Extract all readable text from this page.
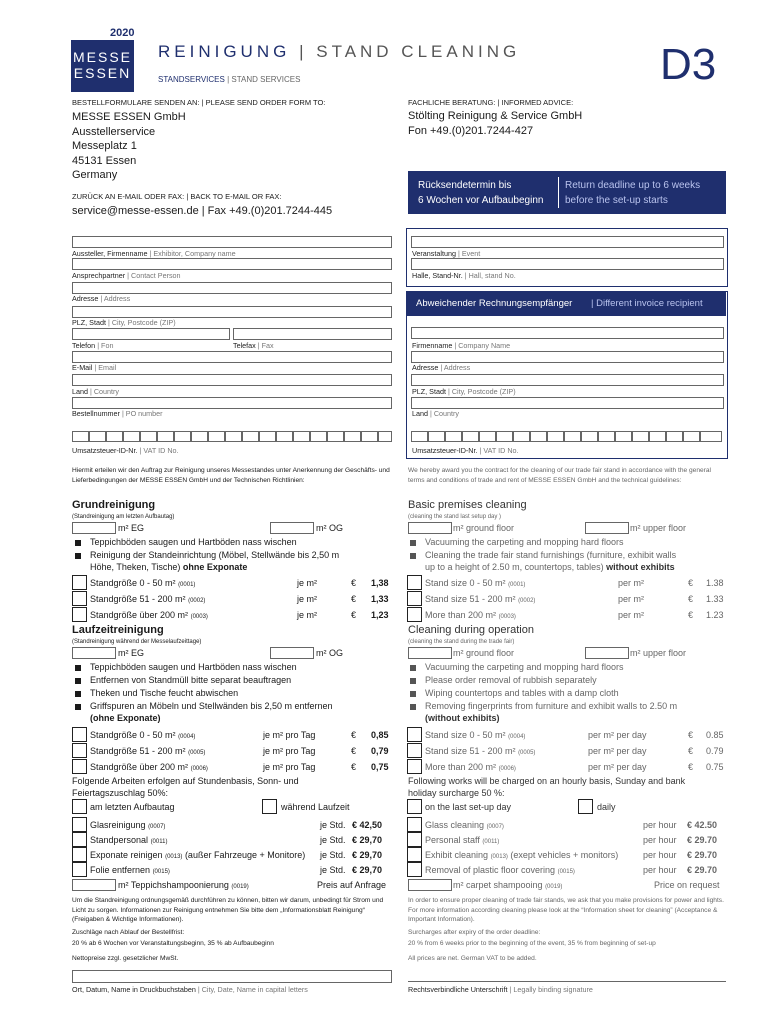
2020
MESSE
ESSEN
REINIGUNG | STAND CLEANING
STANDSERVICES | STAND SERVICES	D3
BESTELLFORMULARE SENDEN AN: | PLEASE SEND ORDER FORM TO:
MESSE ESSEN GmbH
Ausstellerservice
Messeplatz 1
45131 Essen
Germany
ZURÜCK AN E-MAIL ODER FAX: | BACK TO E-MAIL OR FAX:
service@messe-essen.de | Fax +49.(0)201.7244-445
FACHLICHE BERATUNG: | INFORMED ADVICE:
Stölting Reinigung & Service GmbH
Fon +49.(0)201.7244-427
Rücksendetermin bis
6 Wochen vor Aufbaubeginn
Return deadline up to 6 weeks
before the set-up starts
Aussteller, Firmenname | Exhibitor, Company name
Ansprechpartner | Contact Person
Adresse | Address
PLZ, Stadt | City, Postcode (ZIP)
Telefon | Fon	Telefax | Fax
E-Mail | Email
Land | Country
Bestellnummer | PO number
Umsatzsteuer-ID-Nr. | VAT ID No.
Veranstaltung | Event
Halle, Stand-Nr. | Hall, stand No.
Abweichender Rechnungsempfänger | Different invoice recipient
Firmenname | Company Name
Adresse | Address
PLZ, Stadt | City, Postcode (ZIP)
Land | Country
Umsatzsteuer-ID-Nr. | VAT ID No.
Hiermit erteilen wir den Auftrag zur Reinigung unseres Messestandes unter Anerkennung der Geschäfts- und Lieferbedingungen der MESSE ESSEN GmbH und der Technischen Richtlinien:
We hereby award you the contract for the cleaning of our trade fair stand in accordance with the general terms and conditions of trade and rent of MESSE ESSEN GmbH and the technical guidelines:
Grundreinigung
(Standreinigung am letzten Aufbautag)
m² EG	m² OG
Teppichböden saugen und Hartböden nass wischen
Reinigung der Standeinrichtung (Möbel, Stellwände bis 2,50 m
Höhe, Theken, Tische) ohne Exponate
Standgröße 0 - 50 m² (0001)	je m²	€ 1,38
Standgröße 51 - 200 m² (0002)	je m²	€ 1,33
Standgröße über 200 m² (0003)	je m²	€ 1,23
Basic premises cleaning
(cleaning the stand last setup day )
m² ground floor	m² upper floor
Vacuuming the carpeting and mopping hard floors
Cleaning the trade fair stand furnishings (furniture, exhibit walls
up to a height of 2.50 m, countertops, tables) without exhibits
Stand size 0 - 50 m² (0001)	per m²	€ 1.38
Stand size 51 - 200 m² (0002)	per m²	€ 1.33
More than 200 m² (0003)	per m²	€ 1.23
Laufzeitreinigung
(Standreinigung während der Messelaufzeittage)
m² EG	m² OG
Teppichböden saugen und Hartböden nass wischen
Entfernen von Standmüll bitte separat beauftragen
Theken und Tische feucht abwischen
Griffspuren an Möbeln und Stellwänden bis 2,50 m entfernen
(ohne Exponate)
Standgröße 0 - 50 m² (0004)	je m² pro Tag	€ 0,85
Standgröße 51 - 200 m² (0005)	je m² pro Tag	€ 0,79
Standgröße über 200 m² (0006)	je m² pro Tag	€ 0,75
Cleaning during operation
(cleaning the stand during the trade fair)
m² ground floor	m² upper floor
Vacuuming the carpeting and mopping hard floors
Please order removal of rubbish separately
Wiping countertops and tables with a damp cloth
Removing fingerprints from furniture and exhibit walls to 2.50 m
(without exhibits)
Stand size 0 - 50 m² (0004)	per m² per day	€ 0.85
Stand size 51 - 200 m² (0005)	per m² per day	€ 0.79
More than 200 m² (0006)	per m² per day	€ 0.75
Folgende Arbeiten erfolgen auf Stundenbasis, Sonn- und
Feiertagszuschlag 50%:
am letzten Aufbautag	während Laufzeit
Glasreinigung (0007)	je Std. € 42,50
Standpersonal (0011)	je Std. € 29,70
Exponate reinigen (0013) (außer Fahrzeuge + Monitore) je Std. € 29,70
Folie entfernen (0015)	je Std. € 29,70
m² Teppichshampoonierung (0019)	Preis auf Anfrage
Following works will be charged on an hourly basis, Sunday and bank
holiday surcharge 50 %:
on the last set-up day	daily
Glass cleaning (0007)	per hour € 42.50
Personal staff (0011)	per hour € 29.70
Exhibit cleaning (0013) (exept vehicles + monitors)	per hour € 29.70
Removal of plastic floor covering (0015)	per hour € 29.70
m² carpet shampooing (0019)	Price on request
Um die Standreinigung ordnungsgemäß durchführen zu können, bitten wir darum, unbedingt für Strom und Licht zu sorgen. Informationen zur Reinigung entnehmen Sie bitte dem „Informationsblatt Reinigung“ (Freigaben & Wichtige Informationen).
Zuschläge nach Ablauf der Bestellfrist:
20 % ab 6 Wochen vor Veranstaltungsbeginn, 35 % ab Aufbaubeginn
Nettopreise zzgl. gesetzlicher MwSt.
In order to ensure proper cleaning of trade fair stands, we ask that you make provisions for power and lights. For more information according cleaning please look at the “Information sheet for cleaning” (Acceptance & Important Information).
Surcharges after expiry of the order deadline:
20 % from 6 weeks prior to the beginning of the event, 35 % from beginning of set-up
All prices are net. German VAT to be added.
Ort, Datum, Name in Druckbuchstaben | City, Date, Name in capital letters	Rechtsverbindliche Unterschrift | Legally binding signature
